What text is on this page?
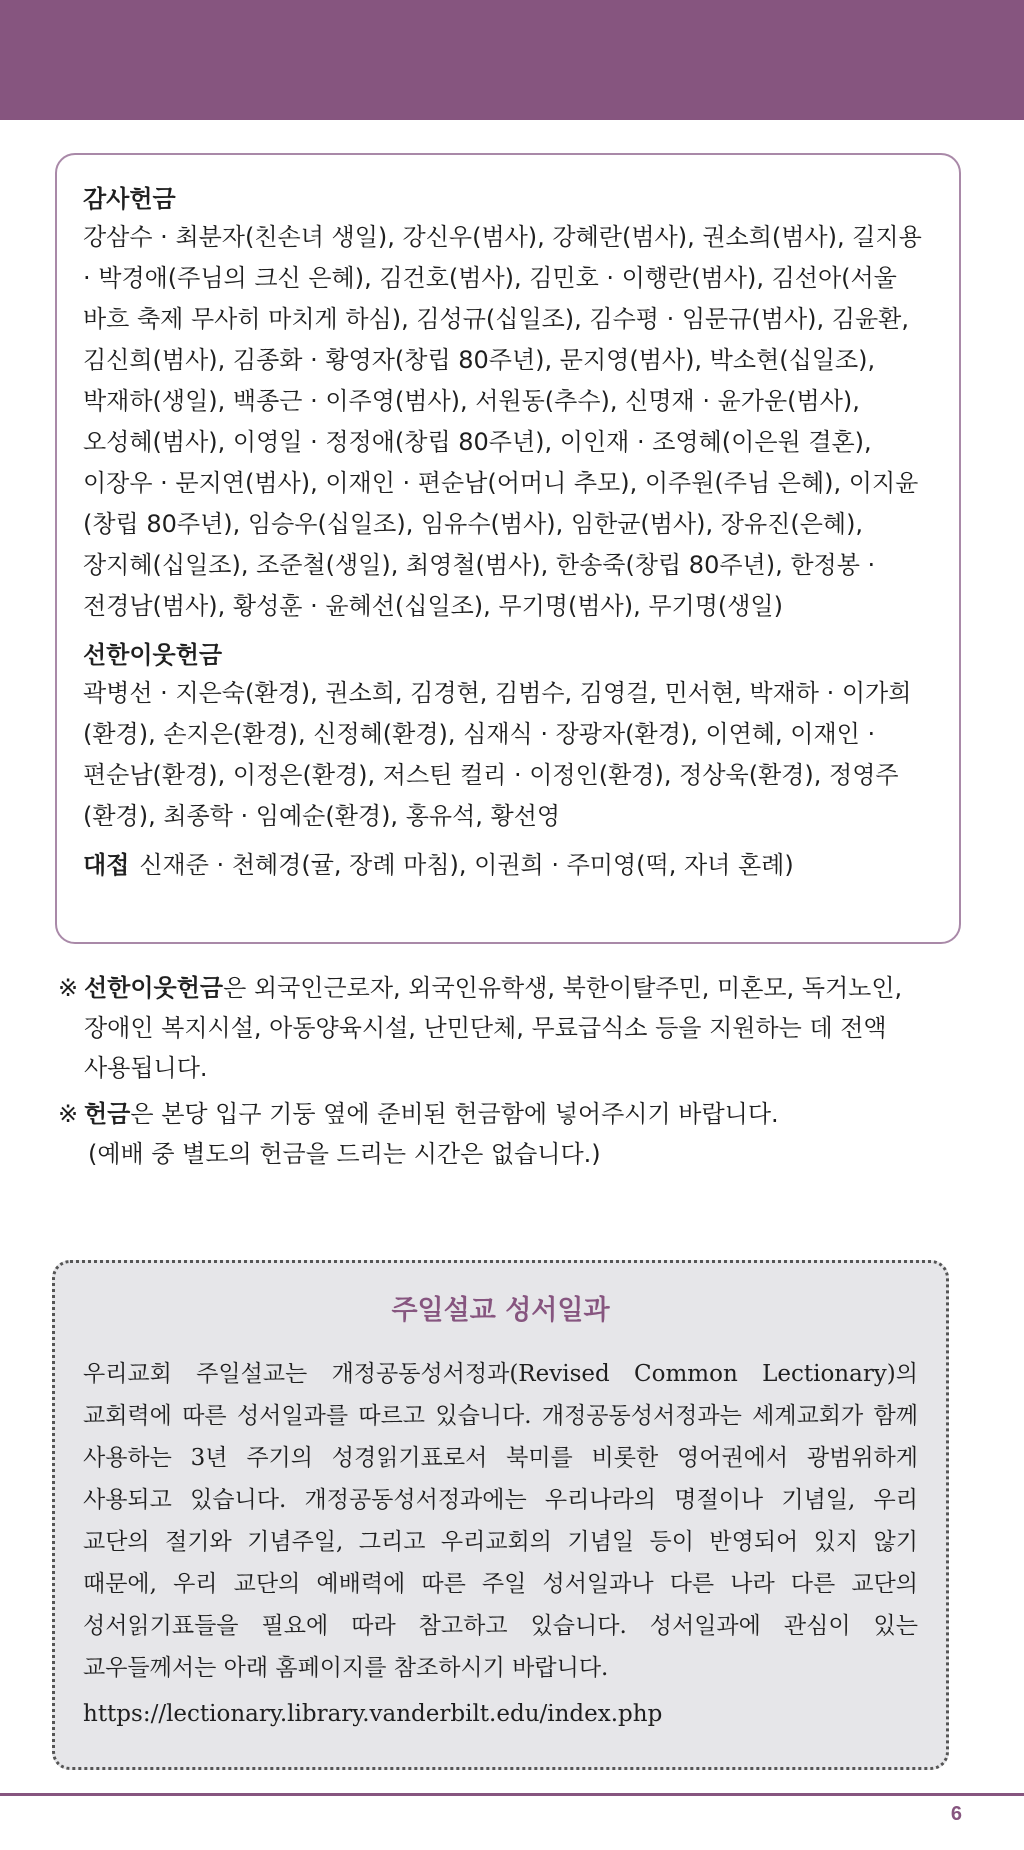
감사헌금

강삼수 · 최분자(친손녀 생일), 강신우(범사), 강혜란(범사), 권소희(범사), 길지용 · 박경애(주님의 크신 은혜), 김건호(범사), 김민호 · 이행란(범사), 김선아(서울 바흐 축제 무사히 마치게 하심), 김성규(십일조), 김수평 · 임문규(범사), 김윤환, 김신희(범사), 김종화 · 황영자(창립 80주년), 문지영(범사), 박소현(십일조), 박재하(생일), 백종근 · 이주영(범사), 서원동(추수), 신명재 · 윤가운(범사), 오성혜(범사), 이영일 · 정정애(창립 80주년), 이인재 · 조영혜(이은원 결혼), 이장우 · 문지연(범사), 이재인 · 편순남(어머니 추모), 이주원(주님 은혜), 이지윤(창립 80주년), 임승우(십일조), 임유수(범사), 임한균(범사), 장유진(은혜), 장지혜(십일조), 조준철(생일), 최영철(범사), 한송죽(창립 80주년), 한정봉 · 전경남(범사), 황성훈 · 윤혜선(십일조), 무기명(범사), 무기명(생일)

선한이웃헌금

곽병선 · 지은숙(환경), 권소희, 김경현, 김범수, 김영걸, 민서현, 박재하 · 이가희(환경), 손지은(환경), 신정혜(환경), 심재식 · 장광자(환경), 이연혜, 이재인 · 편순남(환경), 이정은(환경), 저스틴 컬리 · 이정인(환경), 정상욱(환경), 정영주(환경), 최종학 · 임예순(환경), 홍유석, 황선영

대접 신재준 · 천혜경(귤, 장례 마침), 이권희 · 주미영(떡, 자녀 혼례)
※ 선한이웃헌금은 외국인근로자, 외국인유학생, 북한이탈주민, 미혼모, 독거노인, 장애인 복지시설, 아동양육시설, 난민단체, 무료급식소 등을 지원하는 데 전액 사용됩니다.
※ 헌금은 본당 입구 기둥 옆에 준비된 헌금함에 넣어주시기 바랍니다.
(예배 중 별도의 헌금을 드리는 시간은 없습니다.)

주일설교 성서일과

우리교회 주일설교는 개정공동성서정과(Revised Common Lectionary)의 교회력에 따른 성서일과를 따르고 있습니다. 개정공동성서정과는 세계교회가 함께 사용하는 3년 주기의 성경읽기표로서 북미를 비롯한 영어권에서 광범위하게 사용되고 있습니다. 개정공동성서정과에는 우리나라의 명절이나 기념일, 우리 교단의 절기와 기념주일, 그리고 우리교회의 기념일 등이 반영되어 있지 않기 때문에, 우리 교단의 예배력에 따른 주일 성서일과나 다른 나라 다른 교단의 성서읽기표들을 필요에 따라 참고하고 있습니다. 성서일과에 관심이 있는 교우들께서는 아래 홈페이지를 참조하시기 바랍니다.

https://lectionary.library.vanderbilt.edu/index.php
6
